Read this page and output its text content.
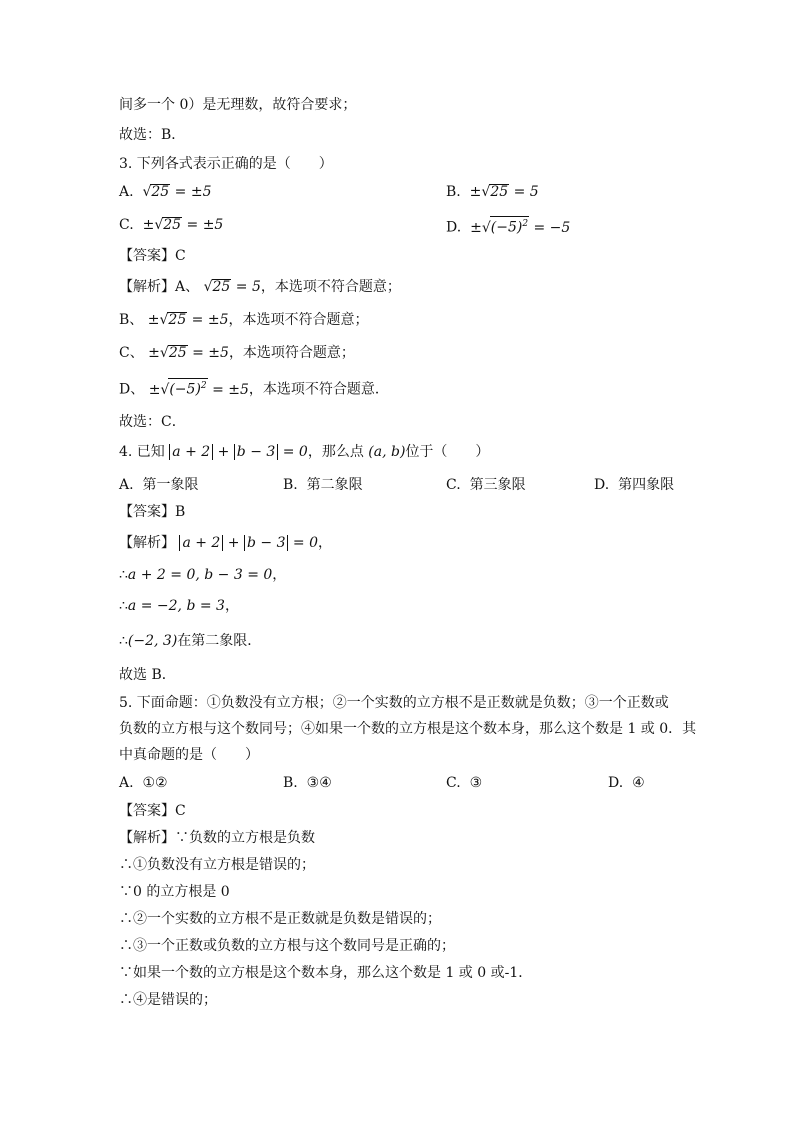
间多一个 0）是无理数，故符合要求；
故选：B．
3. 下列各式表示正确的是（　　）
A. √25 = ±5	B. ±√25 = 5
C. ±√25 = ±5	D. $\pm√(-5)^2 = -5$
【答案】C
【解析】A、 √25 = 5，本选项不符合题意；
B、 ±√25 = ±5，本选项不符合题意；
C、 ±√25 = ±5，本选项符合题意；
D、 $\pm√(-5)^2 = \pm 5$，本选项不符合题意．
故选：C．
4. 已知 a + 2 + b − 3 = 0，那么点 (a, b)位于（　　）
A. 第一象限	B. 第二象限	C. 第三象限	D. 第四象限
【答案】B
【解析】 a + 2 + b − 3 = 0，
∴a + 2 = 0, b − 3 = 0，
∴a = −2, b = 3，
∴(−2, 3)在第二象限．
故选 B．
5. 下面命题：①负数没有立方根；②一个实数的立方根不是正数就是负数；③一个正数或
负数的立方根与这个数同号；④如果一个数的立方根是这个数本身，那么这个数是 1 或 0．其
中真命题的是（　　）
A. ①②	B. ③④	C. ③	D. ④
【答案】C
【解析】∵负数的立方根是负数
∴①负数没有立方根是错误的；
∵0 的立方根是 0
∴②一个实数的立方根不是正数就是负数是错误的；
∴③一个正数或负数的立方根与这个数同号是正确的；
∵如果一个数的立方根是这个数本身，那么这个数是 1 或 0 或-1．
∴④是错误的；
